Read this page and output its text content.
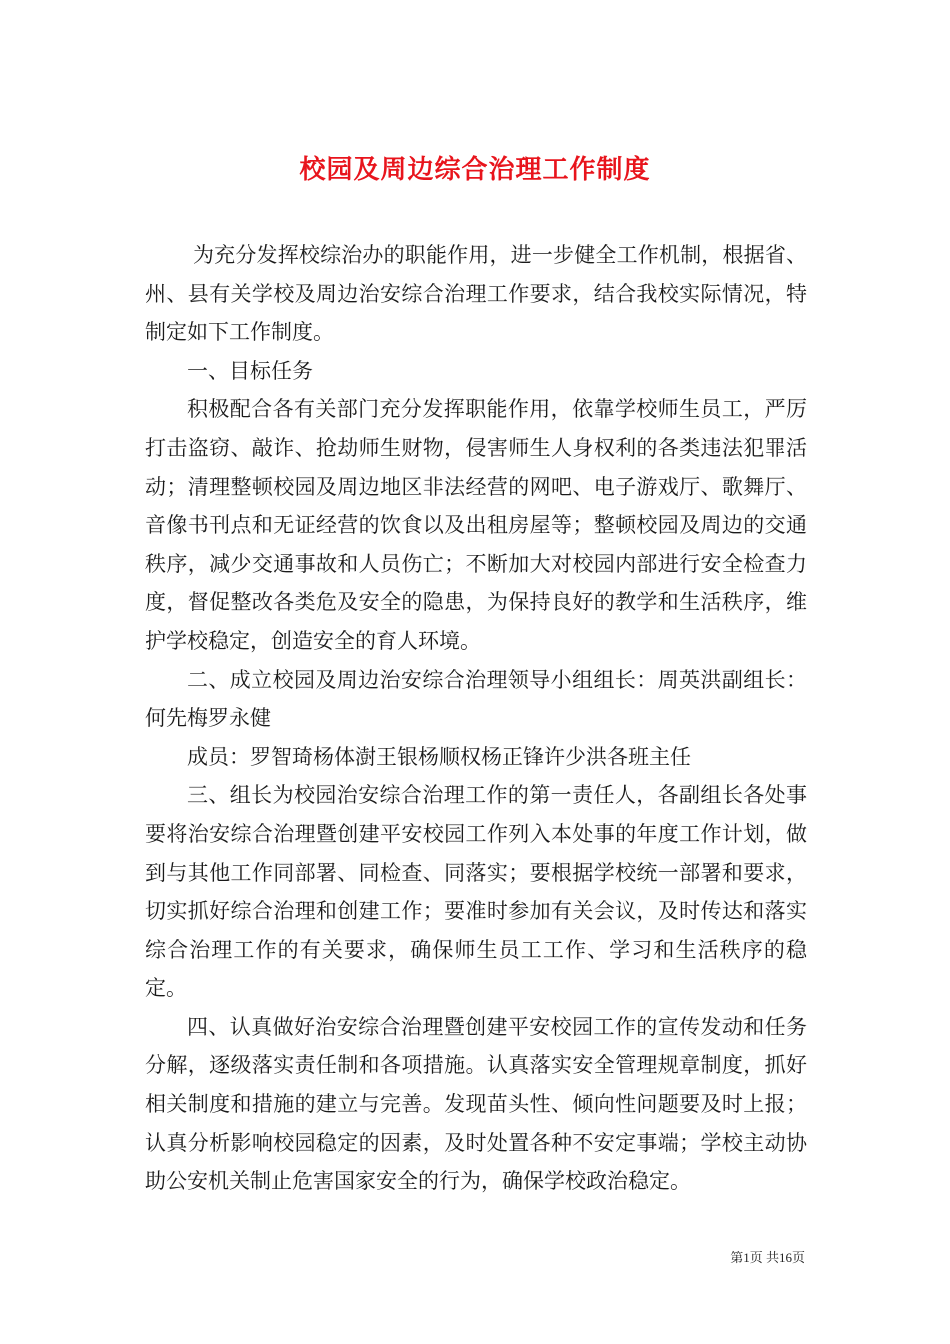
校园及周边综合治理工作制度

为充分发挥校综治办的职能作用，进一步健全工作机制，根据省、州、县有关学校及周边治安综合治理工作要求，结合我校实际情况，特制定如下工作制度。

一、目标任务

积极配合各有关部门充分发挥职能作用，依靠学校师生员工，严厉打击盗窃、敲诈、抢劫师生财物，侵害师生人身权利的各类违法犯罪活动；清理整顿校园及周边地区非法经营的网吧、电子游戏厅、歌舞厅、音像书刊点和无证经营的饮食以及出租房屋等；整顿校园及周边的交通秩序，减少交通事故和人员伤亡；不断加大对校园内部进行安全检查力度，督促整改各类危及安全的隐患，为保持良好的教学和生活秩序，维护学校稳定，创造安全的育人环境。

二、成立校园及周边治安综合治理领导小组组长：周英洪副组长：何先梅罗永健

成员：罗智琦杨体澍王银杨顺权杨正锋许少洪各班主任

三、组长为校园治安综合治理工作的第一责任人，各副组长各处事要将治安综合治理暨创建平安校园工作列入本处事的年度工作计划，做到与其他工作同部署、同检查、同落实；要根据学校统一部署和要求，切实抓好综合治理和创建工作；要准时参加有关会议，及时传达和落实综合治理工作的有关要求，确保师生员工工作、学习和生活秩序的稳定。

四、认真做好治安综合治理暨创建平安校园工作的宣传发动和任务分解，逐级落实责任制和各项措施。认真落实安全管理规章制度，抓好相关制度和措施的建立与完善。发现苗头性、倾向性问题要及时上报；认真分析影响校园稳定的因素，及时处置各种不安定事端；学校主动协助公安机关制止危害国家安全的行为，确保学校政治稳定。

第1页 共16页
